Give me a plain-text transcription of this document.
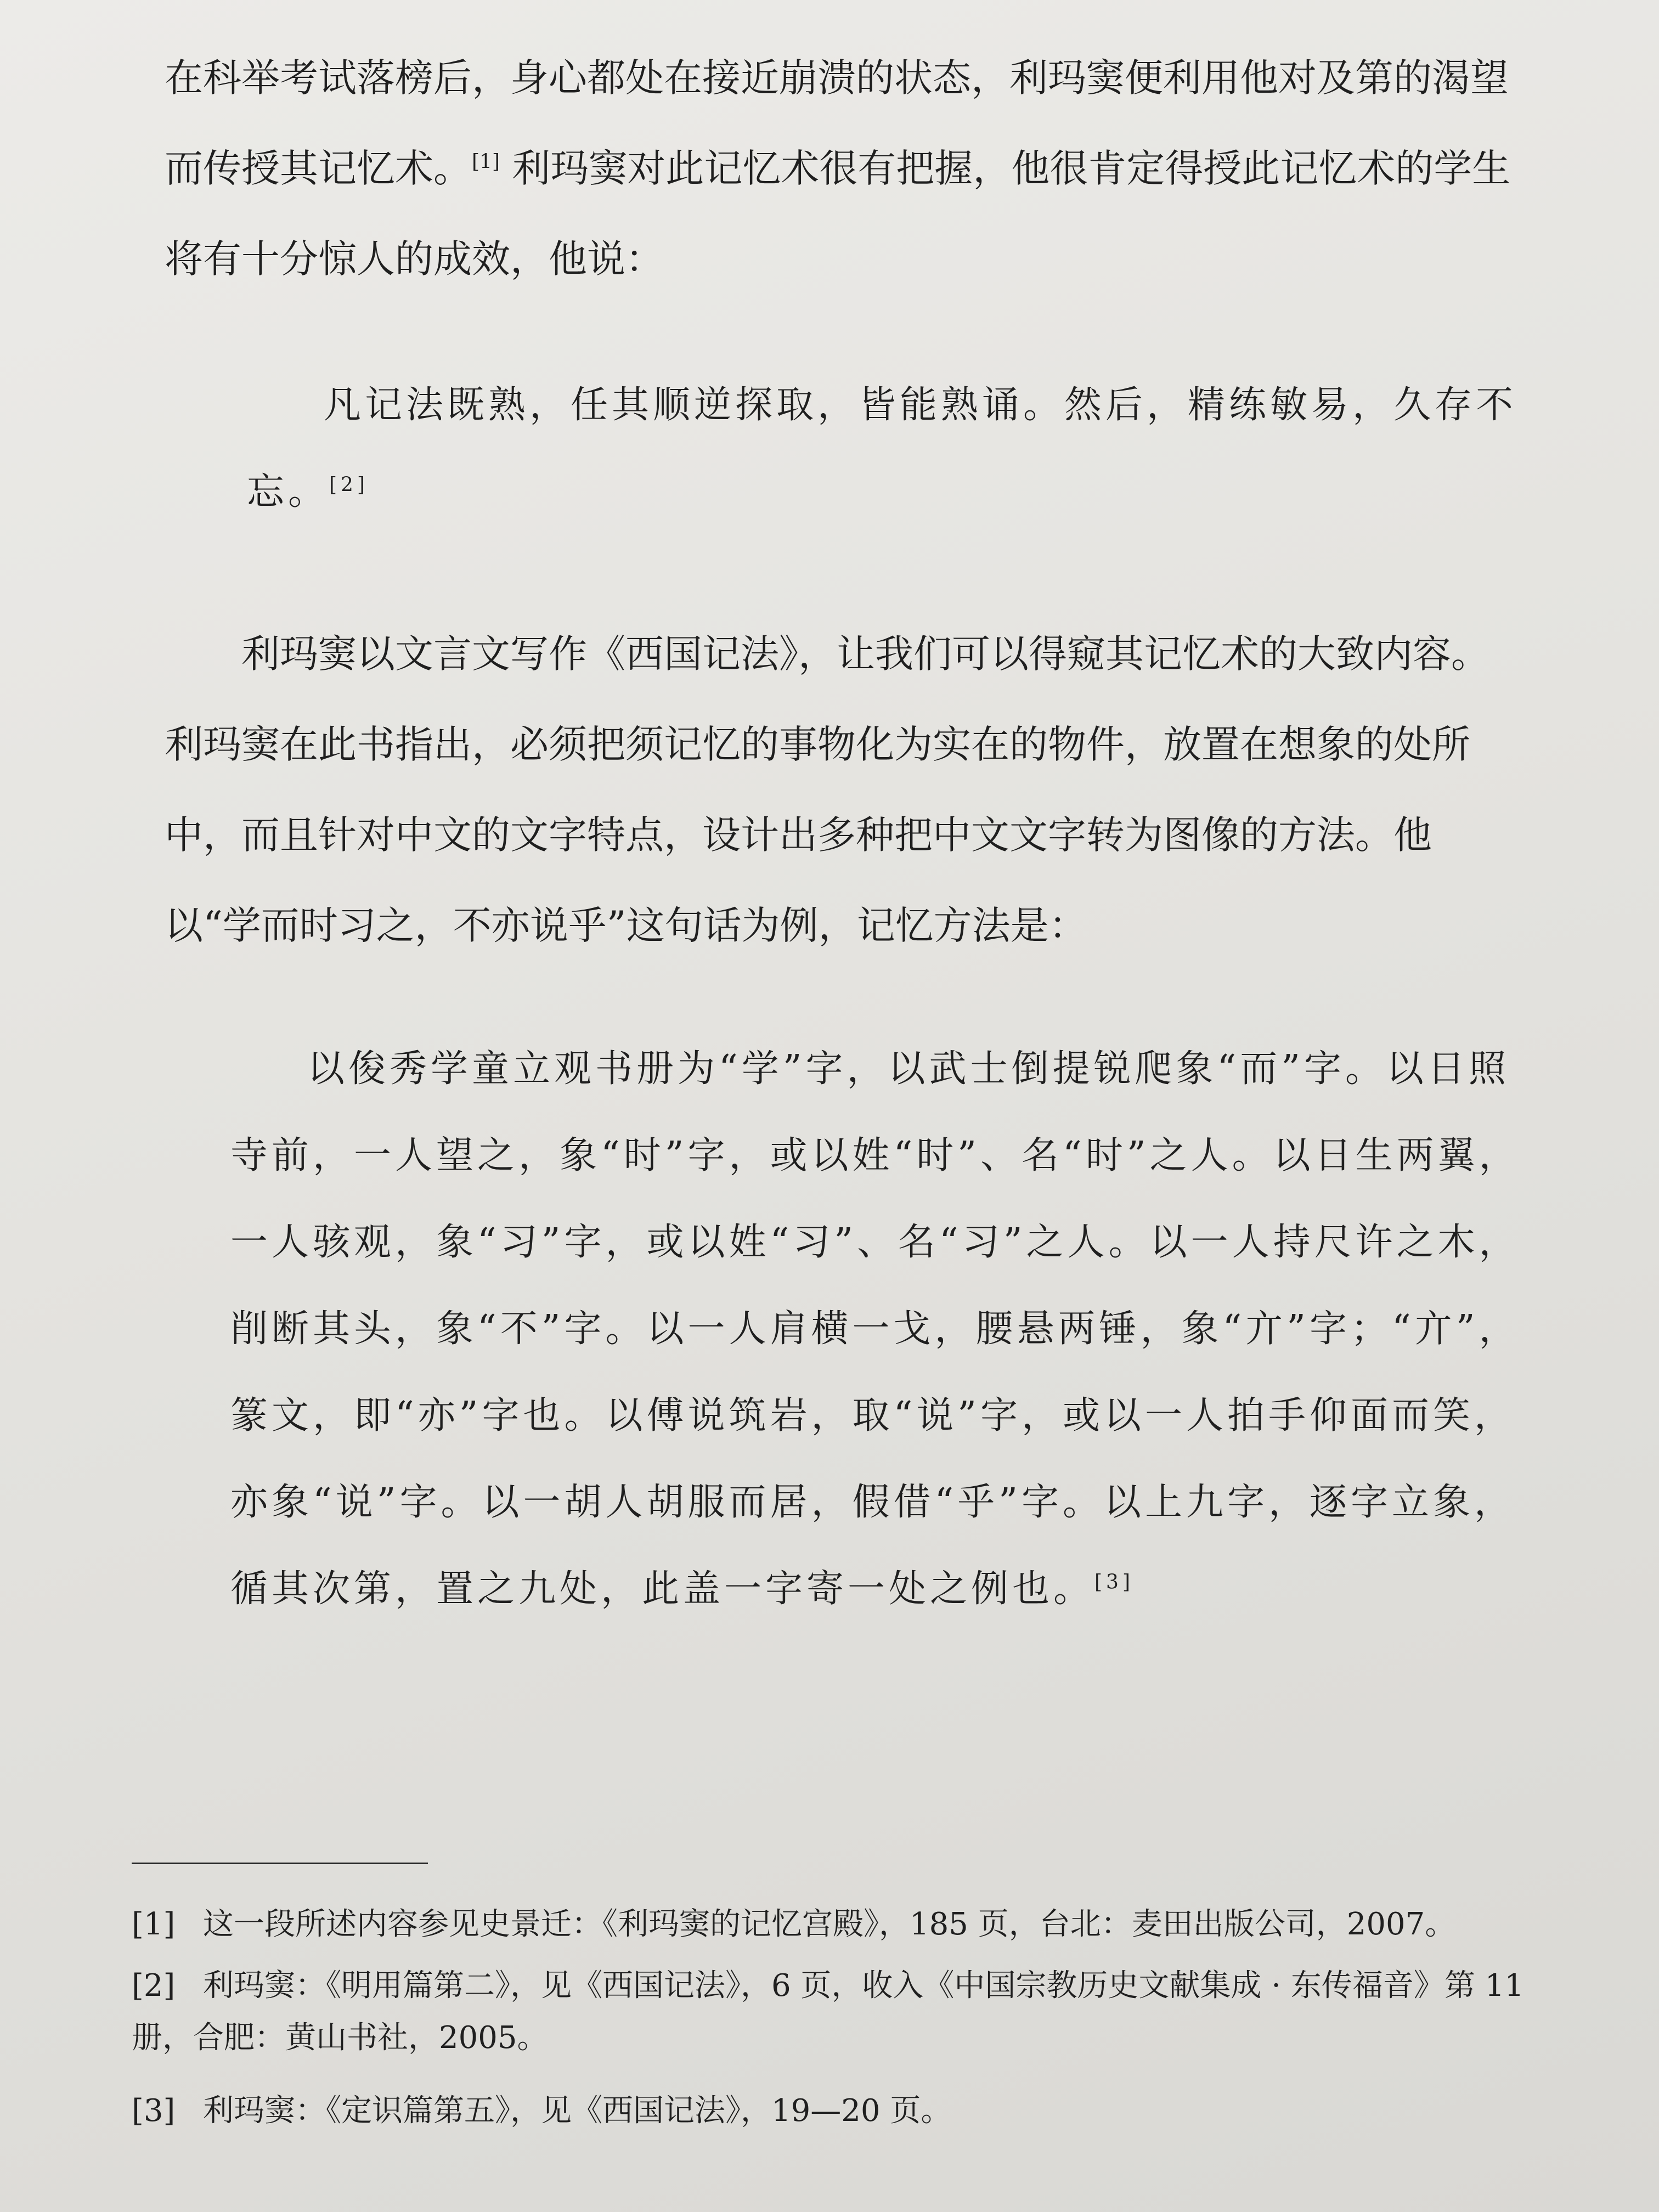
在科举考试落榜后，身心都处在接近崩溃的状态，利玛窦便利用他对及第的渴望而传授其记忆术。[1] 利玛窦对此记忆术很有把握，他很肯定得授此记忆术的学生将有十分惊人的成效，他说：

凡记法既熟，任其顺逆探取，皆能熟诵。然后，精练敏易，久存不忘。[2]

利玛窦以文言文写作《西国记法》，让我们可以得窥其记忆术的大致内容。利玛窦在此书指出，必须把须记忆的事物化为实在的物件，放置在想象的处所中，而且针对中文的文字特点，设计出多种把中文文字转为图像的方法。他以“学而时习之，不亦说乎”这句话为例，记忆方法是：

以俊秀学童立观书册为“学”字，以武士倒提锐爬象“而”字。以日照寺前，一人望之，象“时”字，或以姓“时”、名“时”之人。以日生两翼，一人骇观，象“习”字，或以姓“习”、名“习”之人。以一人持尺许之木，削断其头，象“不”字。以一人肩横一戈，腰悬两锤，象“亣”字；“亣”，篆文，即“亦”字也。以傅说筑岩，取“说”字，或以一人拍手仰面而笑，亦象“说”字。以一胡人胡服而居，假借“乎”字。以上九字，逐字立象，循其次第，置之九处，此盖一字寄一处之例也。[3]

[1] 这一段所述内容参见史景迁：《利玛窦的记忆宫殿》，185 页，台北：麦田出版公司，2007。

[2] 利玛窦：《明用篇第二》，见《西国记法》，6 页，收入《中国宗教历史文献集成 · 东传福音》第 11 册，合肥：黄山书社，2005。

[3] 利玛窦：《定识篇第五》，见《西国记法》，19—20 页。
